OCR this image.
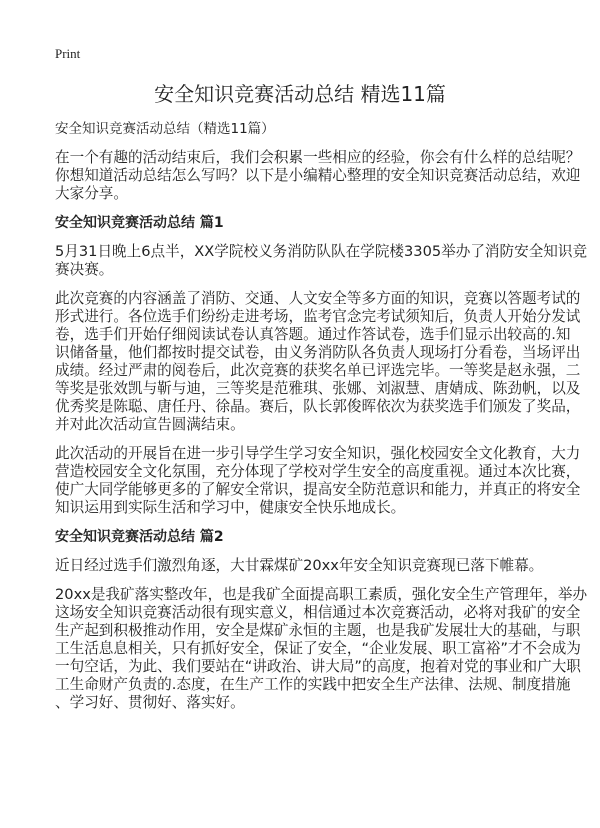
Print
安全知识竞赛活动总结 精选11篇
安全知识竞赛活动总结（精选11篇）
在一个有趣的活动结束后，我们会积累一些相应的经验，你会有什么样的总结呢？
你想知道活动总结怎么写吗？以下是小编精心整理的安全知识竞赛活动总结，欢迎
大家分享。
安全知识竞赛活动总结 篇1
5月31日晚上6点半，XX学院校义务消防队队在学院楼3305举办了消防安全知识竞
赛决赛。
此次竞赛的内容涵盖了消防、交通、人文安全等多方面的知识，竞赛以答题考试的
形式进行。各位选手们纷纷走进考场，监考官念完考试须知后，负责人开始分发试
卷，选手们开始仔细阅读试卷认真答题。通过作答试卷，选手们显示出较高的.知
识储备量，他们都按时提交试卷，由义务消防队各负责人现场打分看卷，当场评出
成绩。经过严肃的阅卷后，此次竞赛的获奖名单已评选完毕。一等奖是赵永强，二
等奖是张效凯与靳与迪，三等奖是范雅琪、张娜、刘淑慧、唐婧成、陈劲帆，以及
优秀奖是陈聪、唐任丹、徐晶。赛后，队长郭俊晖依次为获奖选手们颁发了奖品，
并对此次活动宣告圆满结束。
此次活动的开展旨在进一步引导学生学习安全知识，强化校园安全文化教育，大力
营造校园安全文化氛围，充分体现了学校对学生安全的高度重视。通过本次比赛，
使广大同学能够更多的了解安全常识，提高安全防范意识和能力，并真正的将安全
知识运用到实际生活和学习中，健康安全快乐地成长。
安全知识竞赛活动总结 篇2
近日经过选手们激烈角逐，大甘霖煤矿20xx年安全知识竞赛现已落下帷幕。
20xx是我矿落实整改年，也是我矿全面提高职工素质，强化安全生产管理年，举办
这场安全知识竞赛活动很有现实意义，相信通过本次竞赛活动，必将对我矿的安全
生产起到积极推动作用，安全是煤矿永恒的主题，也是我矿发展壮大的基础，与职
工生活息息相关，只有抓好安全，保证了安全，“企业发展、职工富裕”才不会成为
一句空话，为此、我们要站在“讲政治、讲大局”的高度，抱着对党的事业和广大职
工生命财产负责的.态度，在生产工作的实践中把安全生产法律、法规、制度措施
、学习好、贯彻好、落实好。
